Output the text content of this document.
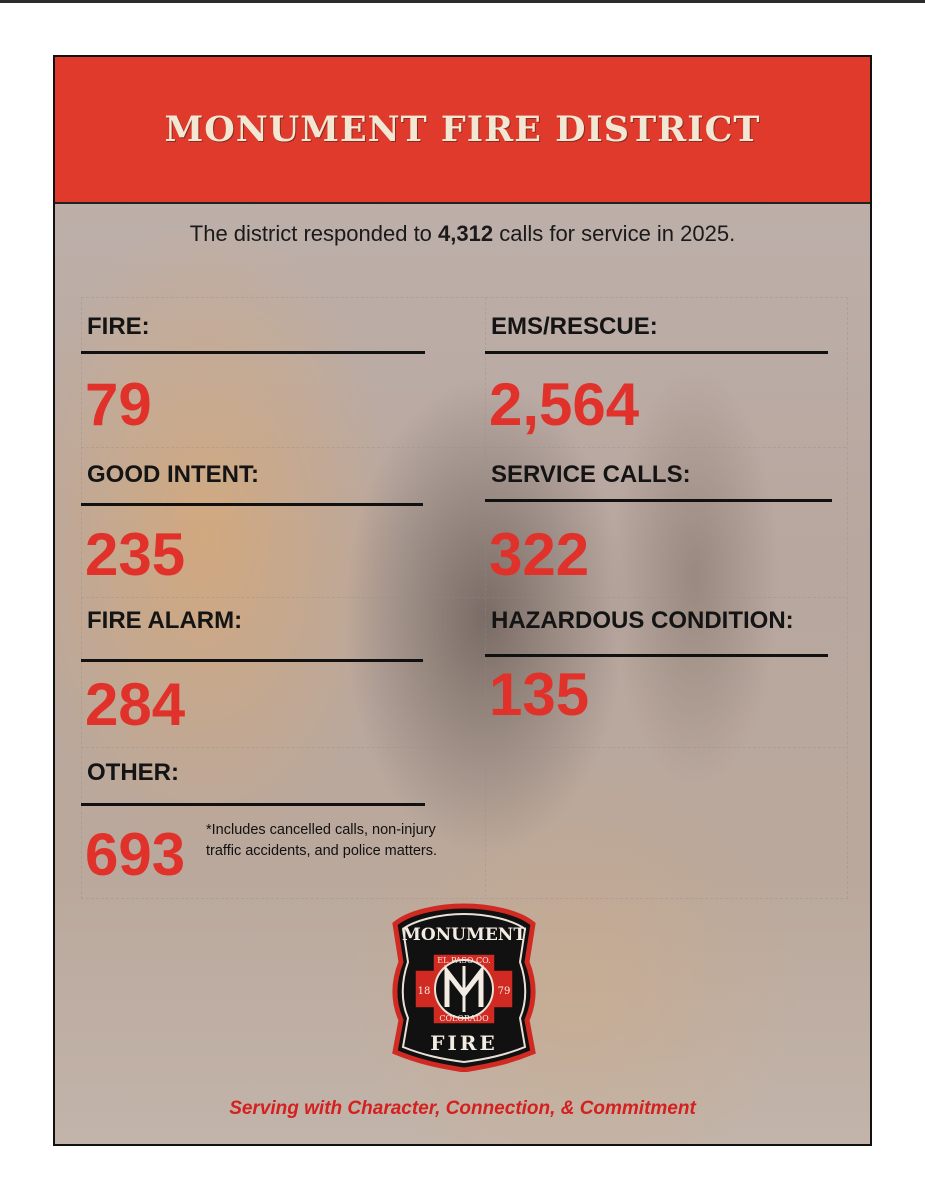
MONUMENT FIRE DISTRICT
The district responded to 4,312 calls for service in 2025.
FIRE:
79
GOOD INTENT:
235
FIRE ALARM:
284
OTHER:
693 *Includes cancelled calls, non-injury traffic accidents, and police matters.
EMS/RESCUE:
2,564
SERVICE CALLS:
322
HAZARDOUS CONDITION:
135
MONUMENT
EL PASO CO.
18	79
COLORADO
FIRE
Serving with Character, Connection, & Commitment
